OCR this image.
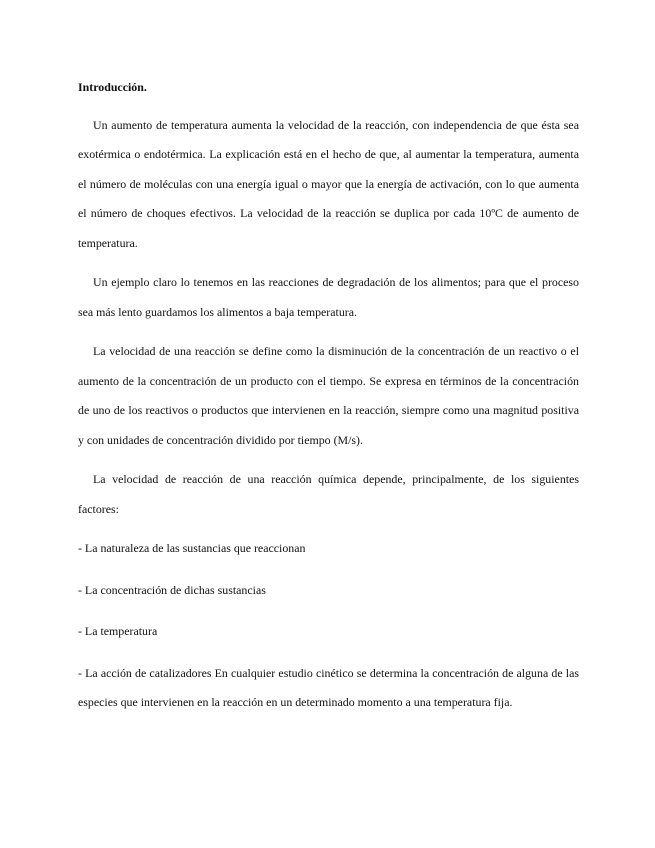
Introducción.

Un aumento de temperatura aumenta la velocidad de la reacción, con independencia de que ésta sea exotérmica o endotérmica. La explicación está en el hecho de que, al aumentar la temperatura, aumenta el número de moléculas con una energía igual o mayor que la energía de activación, con lo que aumenta el número de choques efectivos. La velocidad de la reacción se duplica por cada 10ºC de aumento de temperatura.

Un ejemplo claro lo tenemos en las reacciones de degradación de los alimentos; para que el proceso sea más lento guardamos los alimentos a baja temperatura.

La velocidad de una reacción se define como la disminución de la concentración de un reactivo o el aumento de la concentración de un producto con el tiempo. Se expresa en términos de la concentración de uno de los reactivos o productos que intervienen en la reacción, siempre como una magnitud positiva y con unidades de concentración dividido por tiempo (M/s).

La velocidad de reacción de una reacción química depende, principalmente, de los siguientes factores:

- La naturaleza de las sustancias que reaccionan
- La concentración de dichas sustancias
- La temperatura
- La acción de catalizadores En cualquier estudio cinético se determina la concentración de alguna de las especies que intervienen en la reacción en un determinado momento a una temperatura fija.
